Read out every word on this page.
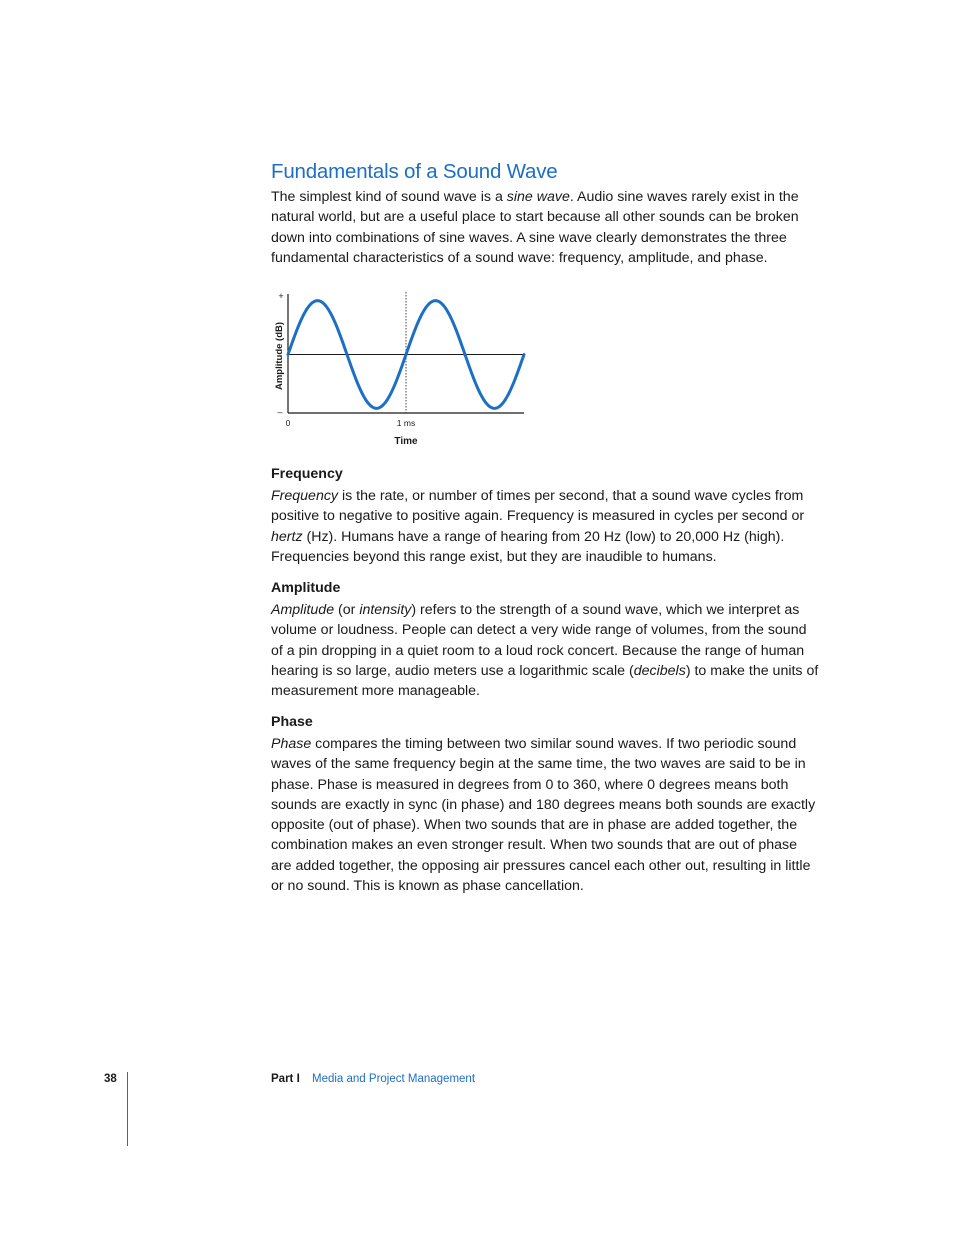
Fundamentals of a Sound Wave

The simplest kind of sound wave is a sine wave. Audio sine waves rarely exist in the natural world, but are a useful place to start because all other sounds can be broken down into combinations of sine waves. A sine wave clearly demonstrates the three fundamental characteristics of a sound wave: frequency, amplitude, and phase.

Amplitude (dB)
+
–
0	1 ms
Time
Frequency

Frequency is the rate, or number of times per second, that a sound wave cycles from positive to negative to positive again. Frequency is measured in cycles per second or hertz (Hz). Humans have a range of hearing from 20 Hz (low) to 20,000 Hz (high). Frequencies beyond this range exist, but they are inaudible to humans.

Amplitude

Amplitude (or intensity) refers to the strength of a sound wave, which we interpret as volume or loudness. People can detect a very wide range of volumes, from the sound of a pin dropping in a quiet room to a loud rock concert. Because the range of human hearing is so large, audio meters use a logarithmic scale (decibels) to make the units of measurement more manageable.

Phase

Phase compares the timing between two similar sound waves. If two periodic sound waves of the same frequency begin at the same time, the two waves are said to be in phase. Phase is measured in degrees from 0 to 360, where 0 degrees means both sounds are exactly in sync (in phase) and 180 degrees means both sounds are exactly opposite (out of phase). When two sounds that are in phase are added together, the combination makes an even stronger result. When two sounds that are out of phase are added together, the opposing air pressures cancel each other out, resulting in little or no sound. This is known as phase cancellation.

38	Part I Media and Project Management
